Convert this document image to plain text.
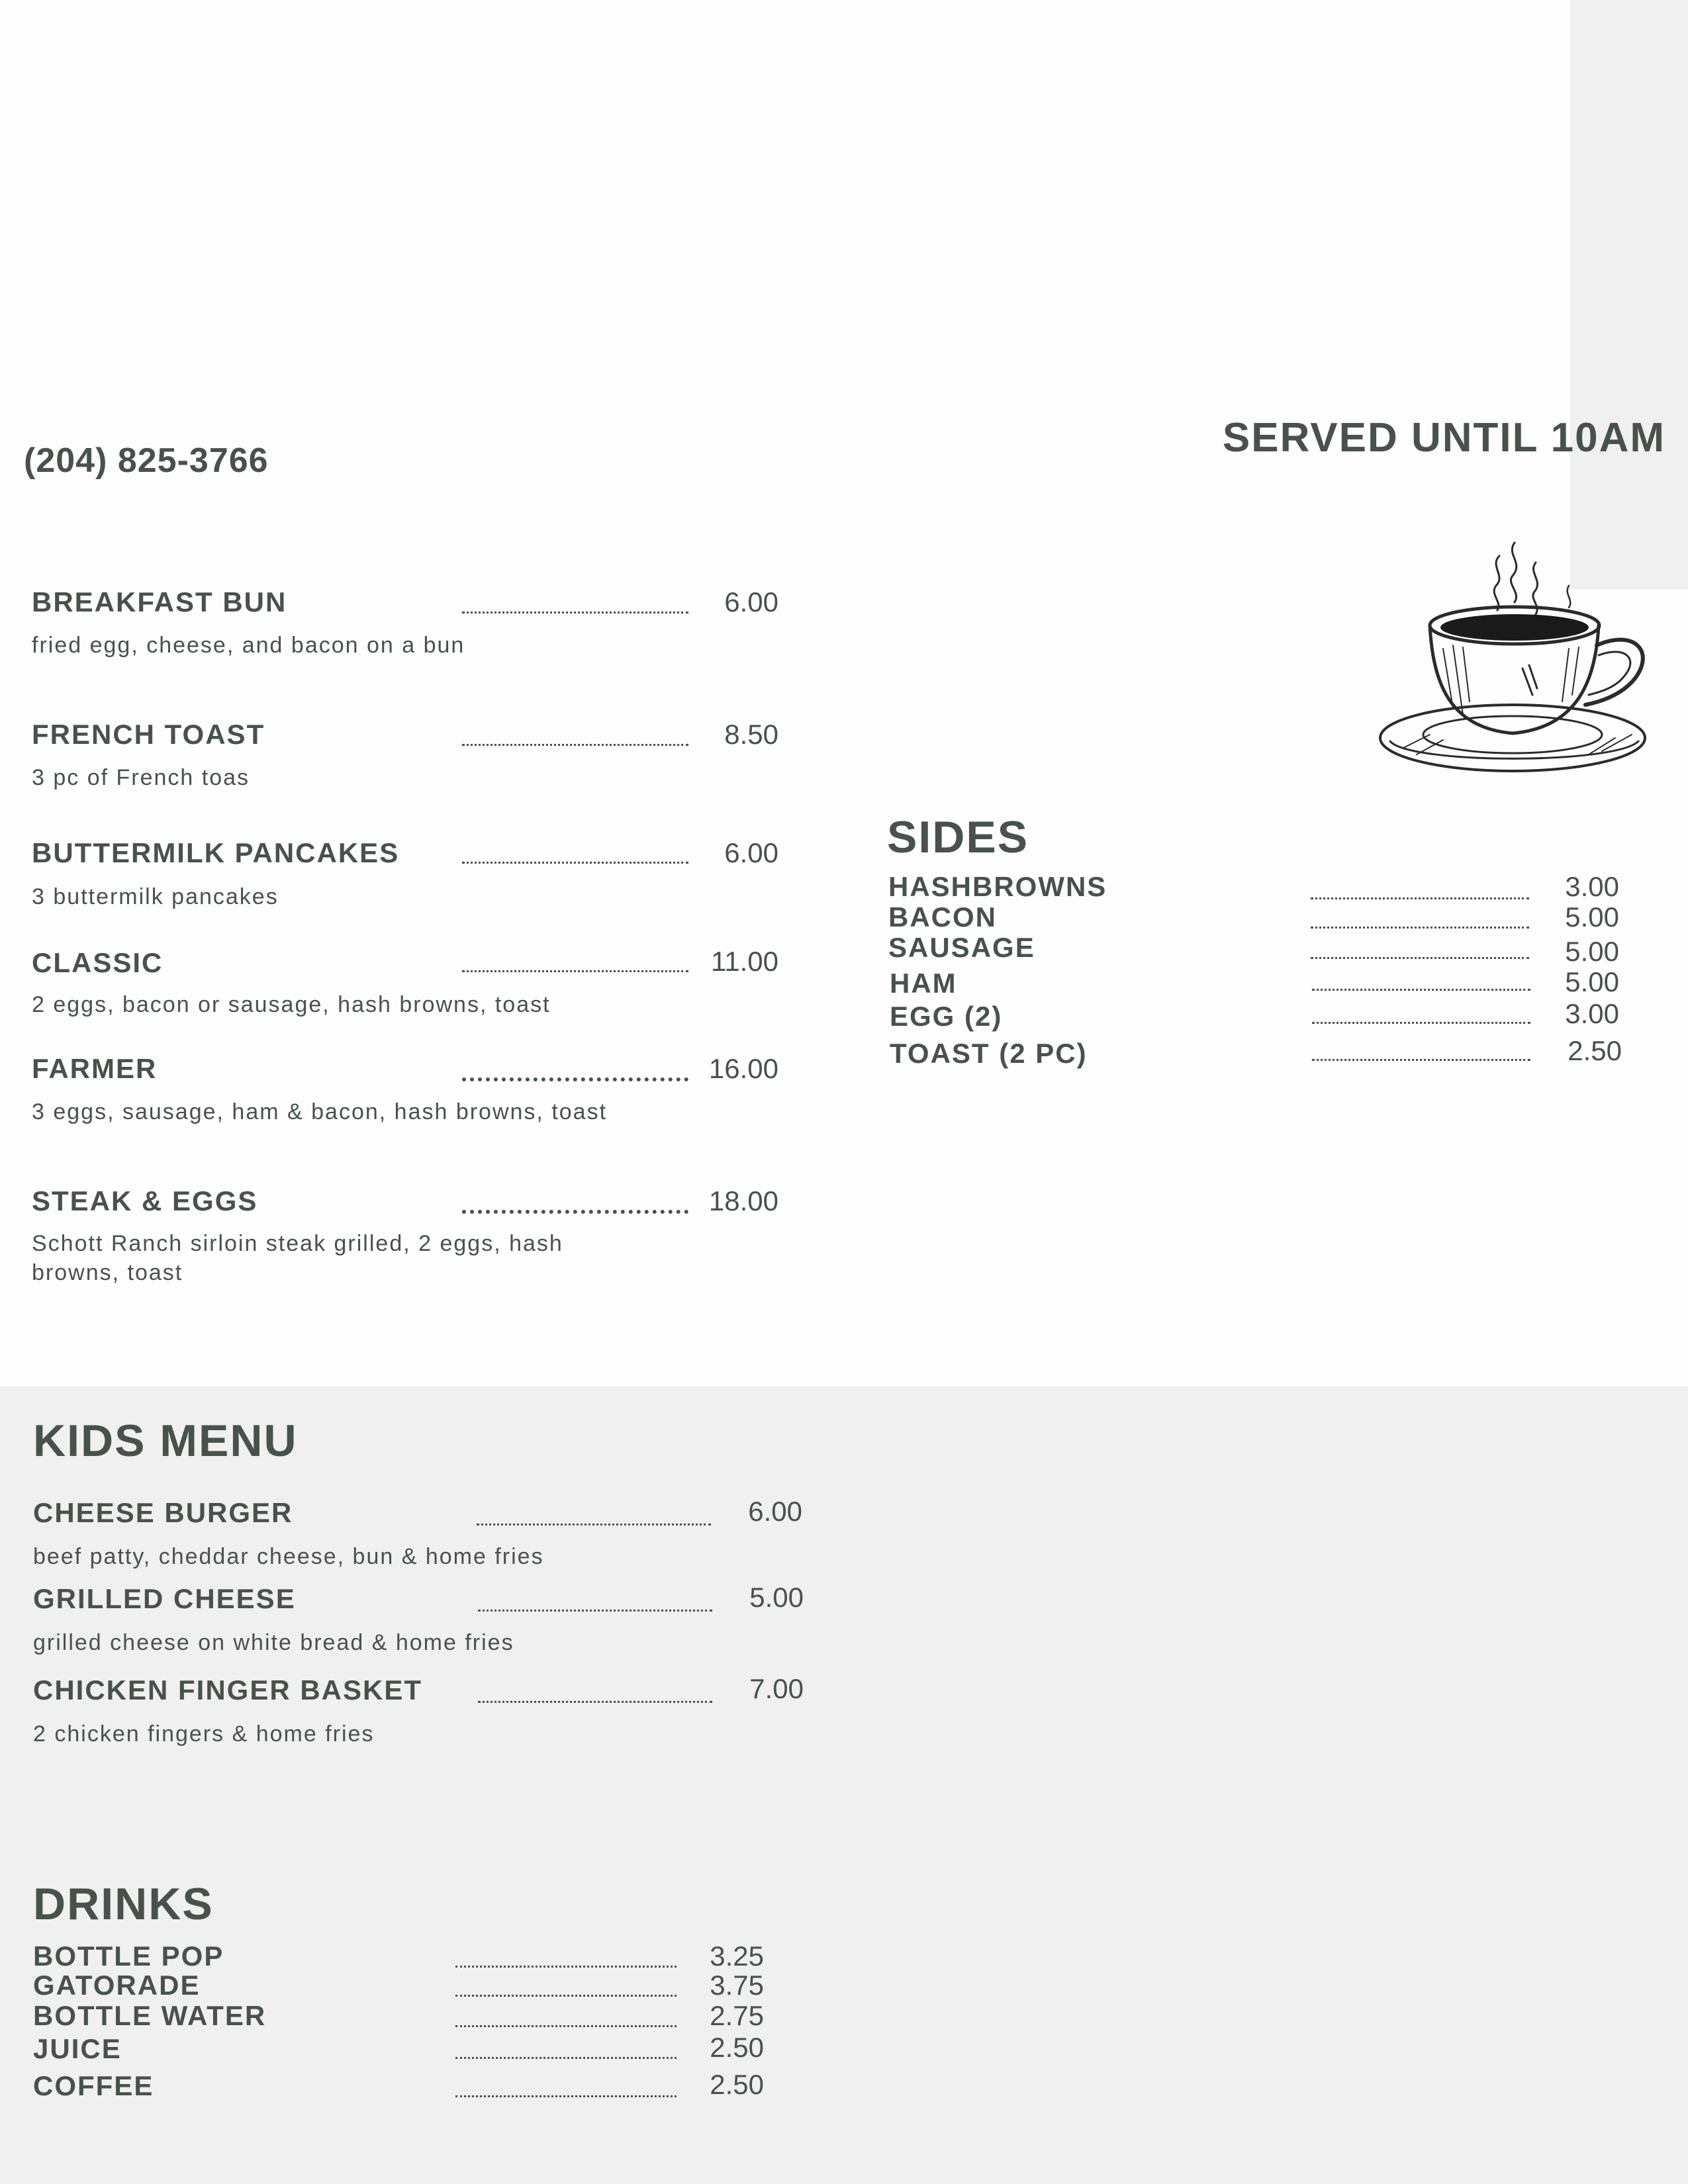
(204) 825-3766	SERVED UNTIL 10AM
BREAKFAST BUN	6.00
fried egg, cheese, and bacon on a bun
FRENCH TOAST	8.50
3 pc of French toas
BUTTERMILK PANCAKES	6.00
3 buttermilk pancakes
CLASSIC	11.00
2 eggs, bacon or sausage, hash browns, toast
FARMER	16.00
3 eggs, sausage, ham & bacon, hash browns, toast
STEAK & EGGS	18.00
Schott Ranch sirloin steak grilled, 2 eggs, hash browns, toast
SIDES
HASHBROWNS	3.00
BACON	5.00
SAUSAGE	5.00
HAM	5.00
EGG (2)	3.00
TOAST (2 PC)	2.50
KIDS MENU
CHEESE BURGER	6.00
beef patty, cheddar cheese, bun & home fries
GRILLED CHEESE	5.00
grilled cheese on white bread & home fries
CHICKEN FINGER BASKET	7.00
2 chicken fingers & home fries
DRINKS
BOTTLE POP	3.25
GATORADE	3.75
BOTTLE WATER	2.75
JUICE	2.50
COFFEE	2.50
